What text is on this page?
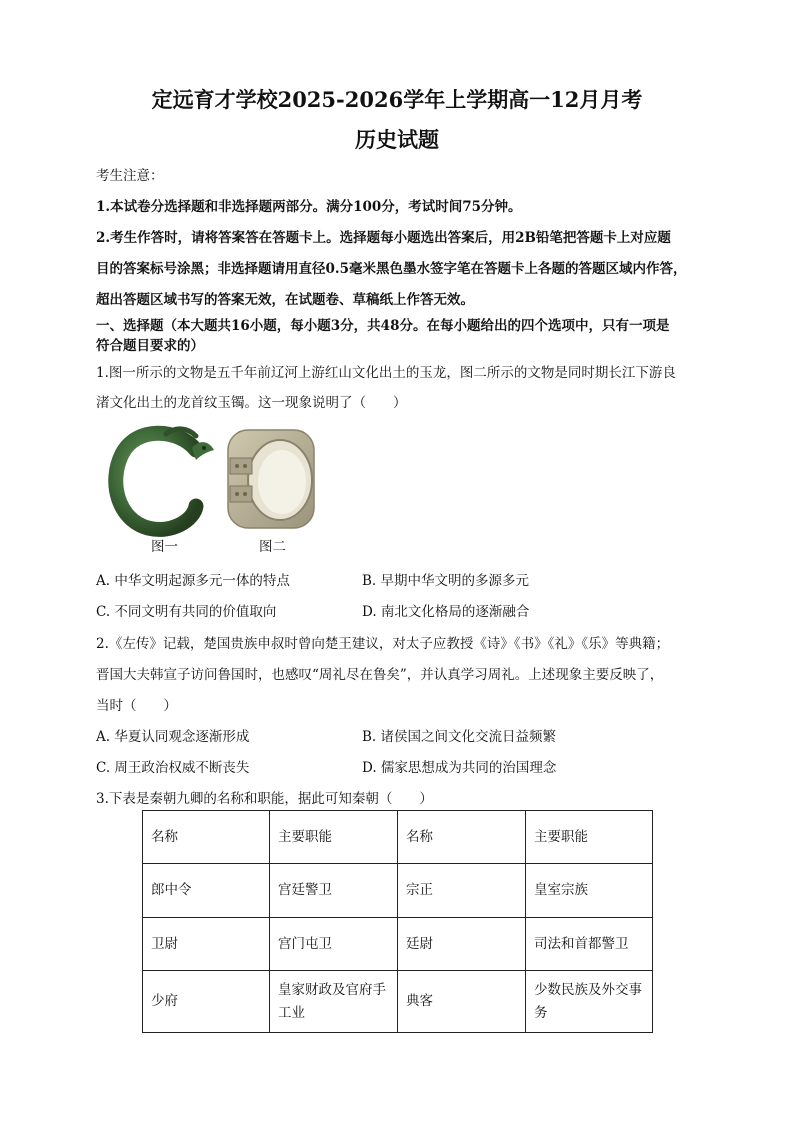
定远育才学校2025-2026学年上学期高一12月月考
历史试题
考生注意：
1.本试卷分选择题和非选择题两部分。满分100分，考试时间75分钟。
2.考生作答时，请将答案答在答题卡上。选择题每小题选出答案后，用2B铅笔把答题卡上对应题
目的答案标号涂黑；非选择题请用直径0.5毫米黑色墨水签字笔在答题卡上各题的答题区域内作答，
超出答题区域书写的答案无效，在试题卷、草稿纸上作答无效。
一、选择题（本大题共16小题，每小题3分，共48分。在每小题给出的四个选项中，只有一项是
符合题目要求的）
1.图一所示的文物是五千年前辽河上游红山文化出土的玉龙，图二所示的文物是同时期长江下游良
渚文化出土的龙首纹玉镯。这一现象说明了（　　）
图一	图二
A. 中华文明起源多元一体的特点	B. 早期中华文明的多源多元
C. 不同文明有共同的价值取向	D. 南北文化格局的逐渐融合
2.《左传》记载，楚国贵族申叔时曾向楚王建议，对太子应教授《诗》《书》《礼》《乐》等典籍；
晋国大夫韩宣子访问鲁国时，也感叹“周礼尽在鲁矣”，并认真学习周礼。上述现象主要反映了，
当时（　　）
A. 华夏认同观念逐渐形成	B. 诸侯国之间文化交流日益频繁
C. 周王政治权威不断丧失	D. 儒家思想成为共同的治国理念
3.下表是秦朝九卿的名称和职能，据此可知秦朝（　　）
名称	主要职能	名称	主要职能
郎中令	宫廷警卫	宗正	皇室宗族
卫尉	宫门屯卫	廷尉	司法和首都警卫
少府	皇家财政及官府手工业	典客	少数民族及外交事务
